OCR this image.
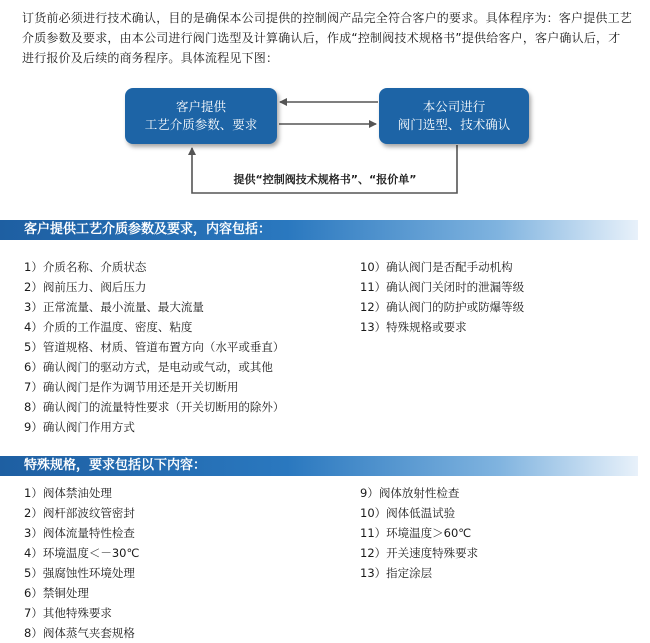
订货前必须进行技术确认，目的是确保本公司提供的控制阀产品完全符合客户的要求。具体程序为：客户提供工艺介质参数及要求，由本公司进行阀门选型及计算确认后，作成“控制阀技术规格书”提供给客户，客户确认后，才进行报价及后续的商务程序。具体流程见下图：
客户提供
工艺介质参数、要求
本公司进行
阀门选型、技术确认
提供“控制阀技术规格书”、“报价单”
客户提供工艺介质参数及要求，内容包括：
1）介质名称、介质状态
2）阀前压力、阀后压力
3）正常流量、最小流量、最大流量
4）介质的工作温度、密度、粘度
5）管道规格、材质、管道布置方向（水平或垂直）
6）确认阀门的驱动方式，是电动或气动，或其他
7）确认阀门是作为调节用还是开关切断用
8）确认阀门的流量特性要求（开关切断用的除外）
9）确认阀门作用方式
10）确认阀门是否配手动机构
11）确认阀门关闭时的泄漏等级
12）确认阀门的防护或防爆等级
13）特殊规格或要求
特殊规格，要求包括以下内容：
1）阀体禁油处理
2）阀杆部波纹管密封
3）阀体流量特性检查
4）环境温度＜－30℃
5）强腐蚀性环境处理
6）禁铜处理
7）其他特殊要求
8）阀体蒸气夹套规格
9）阀体放射性检查
10）阀体低温试验
11）环境温度＞60℃
12）开关速度特殊要求
13）指定涂层
